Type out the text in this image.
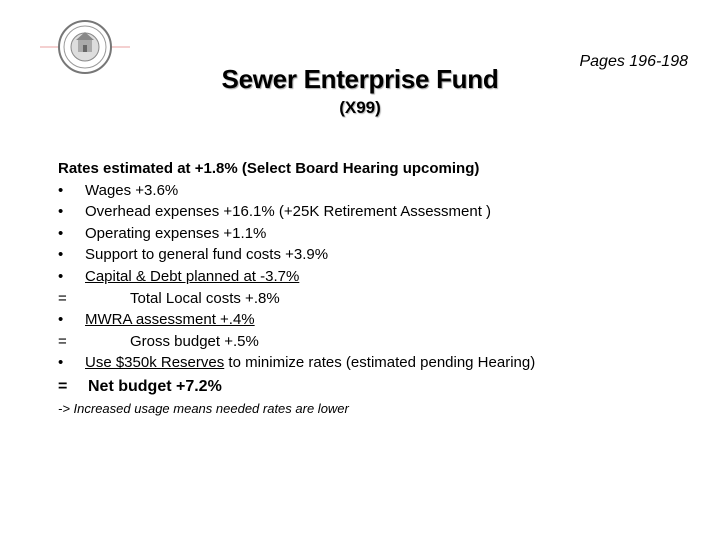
Pages 196-198
Sewer Enterprise Fund
(X99)
Rates estimated at +1.8% (Select Board Hearing upcoming)
• Wages +3.6%
• Overhead expenses +16.1% (+25K Retirement Assessment )
• Operating expenses +1.1%
• Support to general fund costs +3.9%
• Capital & Debt planned at -3.7%
=	Total Local costs +.8%
• MWRA assessment +.4%
=	Gross budget +.5%
• Use $350k Reserves to minimize rates (estimated pending Hearing)
= Net budget +7.2%
-> Increased usage means needed rates are lower
